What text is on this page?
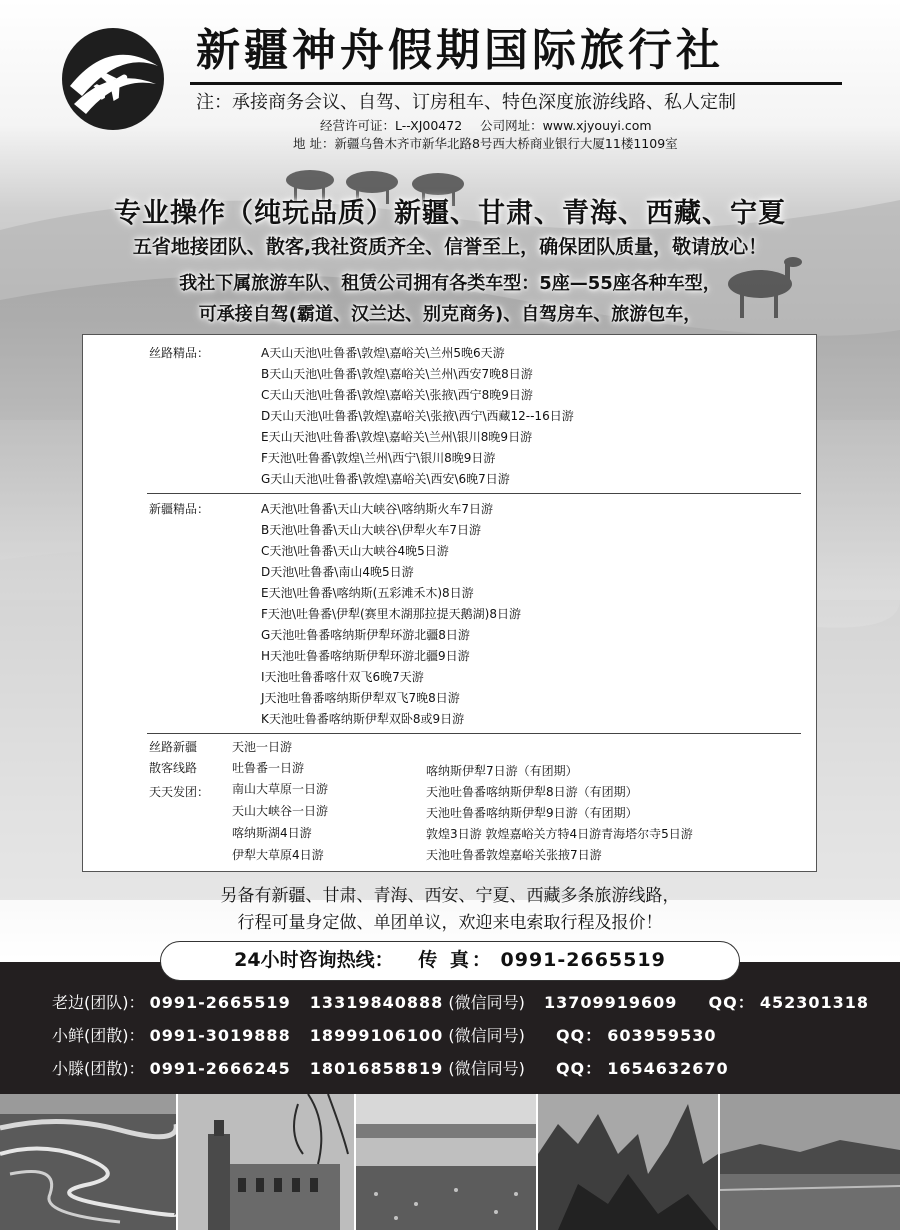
新疆神舟假期国际旅行社
注：承接商务会议、自驾、订房租车、特色深度旅游线路、私人定制
经营许可证：L--XJ00472 公司网址：www.xjyouyi.com
地 址：新疆乌鲁木齐市新华北路8号西大桥商业银行大厦11楼1109室
专业操作（纯玩品质）新疆、甘肃、青海、西藏、宁夏
五省地接团队、散客,我社资质齐全、信誉至上，确保团队质量，敬请放心！
我社下属旅游车队、租赁公司拥有各类车型：5座—55座各种车型，
可承接自驾(霸道、汉兰达、别克商务)、自驾房车、旅游包车，
丝路精品：	A天山天池\吐鲁番\敦煌\嘉峪关\兰州5晚6天游
B天山天池\吐鲁番\敦煌\嘉峪关\兰州\西安7晚8日游
C天山天池\吐鲁番\敦煌\嘉峪关\张掖\西宁8晚9日游
D天山天池\吐鲁番\敦煌\嘉峪关\张掖\西宁\西藏12--16日游
E天山天池\吐鲁番\敦煌\嘉峪关\兰州\银川8晚9日游
F天池\吐鲁番\敦煌\兰州\西宁\银川8晚9日游
G天山天池\吐鲁番\敦煌\嘉峪关\西安\6晚7日游
新疆精品：	A天池\吐鲁番\天山大峡谷\喀纳斯火车7日游
B天池\吐鲁番\天山大峡谷\伊犁火车7日游
C天池\吐鲁番\天山大峡谷4晚5日游
D天池\吐鲁番\南山4晚5日游
E天池\吐鲁番\喀纳斯(五彩滩禾木)8日游
F天池\吐鲁番\伊犁(赛里木湖那拉提天鹅湖)8日游
G天池吐鲁番喀纳斯伊犁环游北疆8日游
H天池吐鲁番喀纳斯伊犁环游北疆9日游
I天池吐鲁番喀什双飞6晚7天游
J天池吐鲁番喀纳斯伊犁双飞7晚8日游
K天池吐鲁番喀纳斯伊犁双卧8或9日游
丝路新疆
散客线路
天天发团：
天池一日游
吐鲁番一日游
南山大草原一日游
天山大峡谷一日游
喀纳斯湖4日游
伊犁大草原4日游
喀纳斯伊犁7日游（有团期）
天池吐鲁番喀纳斯伊犁8日游（有团期）
天池吐鲁番喀纳斯伊犁9日游（有团期）
敦煌3日游 敦煌嘉峪关方特4日游青海塔尔寺5日游
天池吐鲁番敦煌嘉峪关张掖7日游
另备有新疆、甘肃、青海、西安、宁夏、西藏多条旅游线路，
行程可量身定做、单团单议，欢迎来电索取行程及报价！
24小时咨询热线： 传 真： 0991-2665519
老边(团队)： 0991-2665519 13319840888 (微信同号) 13709919609 QQ： 452301318
小鲜(团散)： 0991-3019888 18999106100 (微信同号) QQ： 603959530
小滕(团散)： 0991-2666245 18016858819 (微信同号) QQ： 1654632670
